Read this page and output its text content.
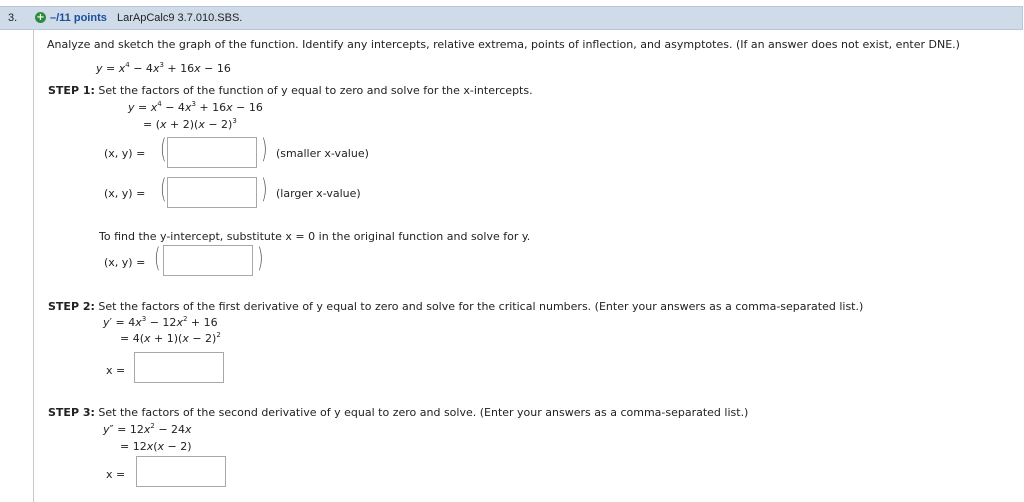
3. + –/11 points LarApCalc9 3.7.010.SBS.
Analyze and sketch the graph of the function. Identify any intercepts, relative extrema, points of inflection, and asymptotes. (If an answer does not exist, enter DNE.)
$y = x^4 - 4x^3 + 16x - 16$
STEP 1: Set the factors of the function of y equal to zero and solve for the x-intercepts.
$y = x^4 - 4x^3 + 16x - 16$
= $(x + 2)(x - 2)^3$
(x, y) = (	) (smaller x-value)
(x, y) = (	) (larger x-value)
To find the y-intercept, substitute x = 0 in the original function and solve for y.
(x, y) = (	)
STEP 2: Set the factors of the first derivative of y equal to zero and solve for the critical numbers. (Enter your answers as a comma-separated list.)
$y' = 4x^3 - 12x^2 + 16$
= $4(x + 1)(x - 2)^2$
x =
STEP 3: Set the factors of the second derivative of y equal to zero and solve. (Enter your answers as a comma-separated list.)
$y'' = 12x^2 - 24x$
= 12x(x − 2)
x =
